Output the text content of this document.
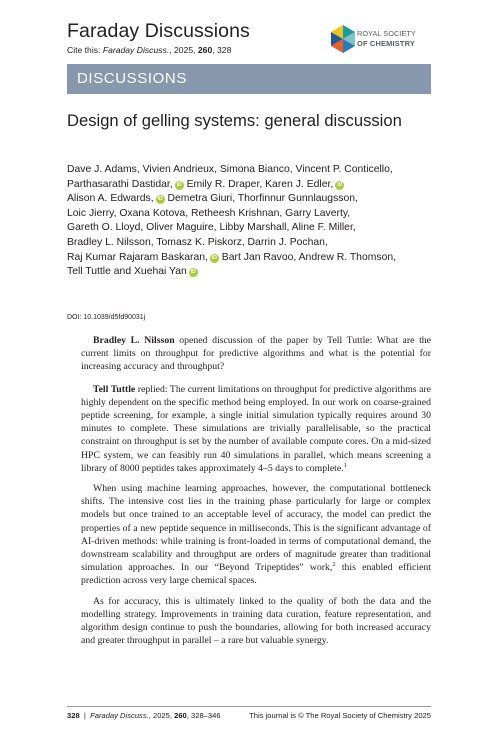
Faraday Discussions
Cite this: Faraday Discuss., 2025, 260, 328
ROYAL SOCIETY
OF CHEMISTRY
DISCUSSIONS
Design of gelling systems: general discussion
Dave J. Adams, Vivien Andrieux, Simona Bianco, Vincent P. Conticello,
Parthasarathi Dastidar, iD Emily R. Draper, Karen J. Edler, iD
Alison A. Edwards, iD Demetra Giuri, Thorfinnur Gunnlaugsson,
Loic Jierry, Oxana Kotova, Retheesh Krishnan, Garry Laverty,
Gareth O. Lloyd, Oliver Maguire, Libby Marshall, Aline F. Miller,
Bradley L. Nilsson, Tomasz K. Piskorz, Darrin J. Pochan,
Raj Kumar Rajaram Baskaran, iD Bart Jan Ravoo, Andrew R. Thomson,
Tell Tuttle and Xuehai Yan iD
DOI: 10.1039/d5fd90031j

Bradley L. Nilsson opened discussion of the paper by Tell Tuttle: What are the current limits on throughput for predictive algorithms and what is the potential for increasing accuracy and throughput?

Tell Tuttle replied: The current limitations on throughput for predictive algorithms are highly dependent on the specific method being employed. In our work on coarse-grained peptide screening, for example, a single initial simulation typically requires around 30 minutes to complete. These simulations are trivially parallelisable, so the practical constraint on throughput is set by the number of available compute cores. On a mid-sized HPC system, we can feasibly run 40 simulations in parallel, which means screening a library of 8000 peptides takes approximately 4–5 days to complete.$^1$

When using machine learning approaches, however, the computational bottleneck shifts. The intensive cost lies in the training phase particularly for large or complex models but once trained to an acceptable level of accuracy, the model can predict the properties of a new peptide sequence in milliseconds. This is the significant advantage of AI-driven methods: while training is front-loaded in terms of computational demand, the downstream scalability and throughput are orders of magnitude greater than traditional simulation approaches. In our “Beyond Tripeptides” work,$^2$ this enabled efficient prediction across very large chemical spaces.

As for accuracy, this is ultimately linked to the quality of both the data and the modelling strategy. Improvements in training data curation, feature representation, and algorithm design continue to push the boundaries, allowing for both increased accuracy and greater throughput in parallel – a rare but valuable synergy.

328  |  Faraday Discuss., 2025, 260, 328–346	This journal is © The Royal Society of Chemistry 2025
